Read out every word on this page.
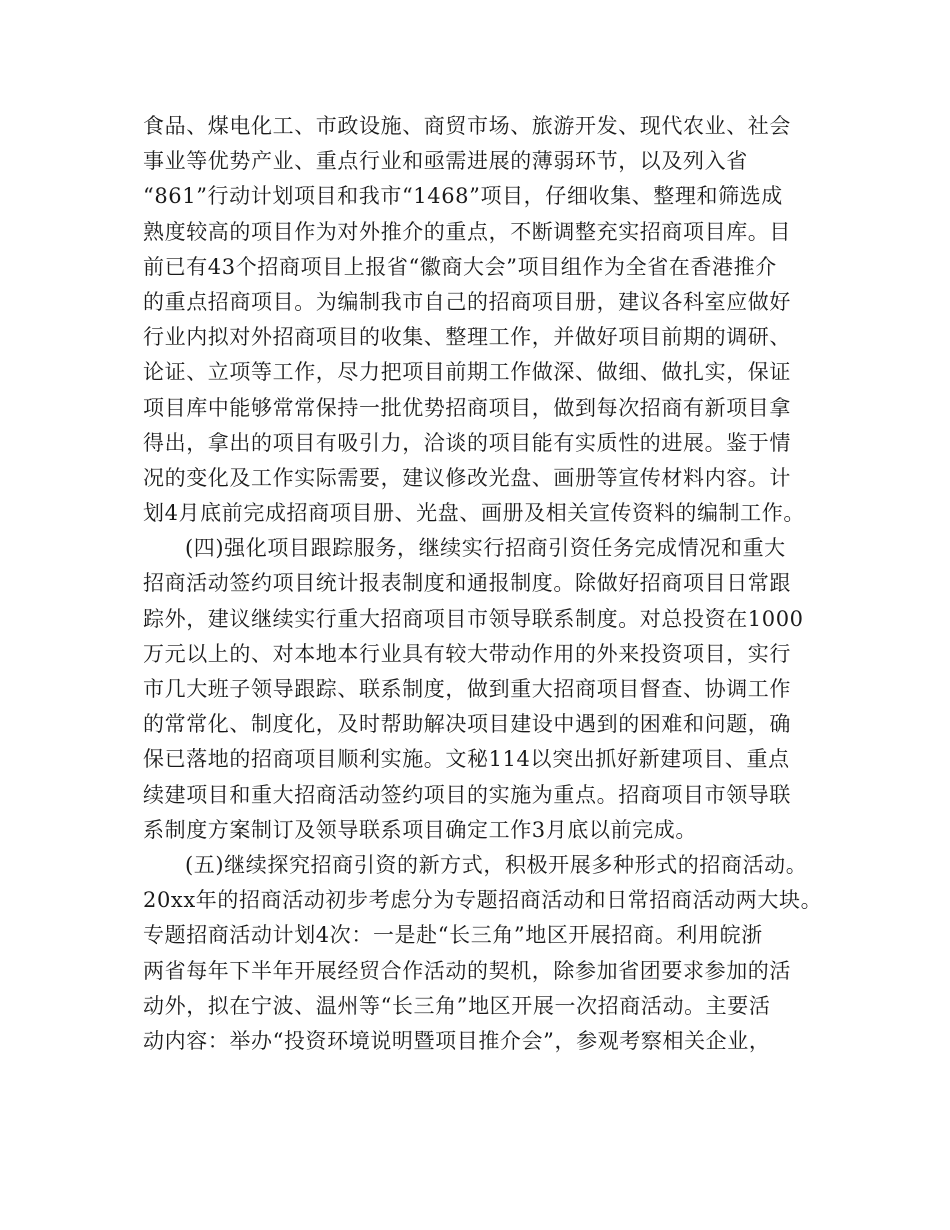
食品、煤电化工、市政设施、商贸市场、旅游开发、现代农业、社会
事业等优势产业、重点行业和亟需进展的薄弱环节，以及列入省
“861”行动计划项目和我市“1468”项目，仔细收集、整理和筛选成
熟度较高的项目作为对外推介的重点，不断调整充实招商项目库。目
前已有43个招商项目上报省“徽商大会”项目组作为全省在香港推介
的重点招商项目。为编制我市自己的招商项目册，建议各科室应做好
行业内拟对外招商项目的收集、整理工作，并做好项目前期的调研、
论证、立项等工作，尽力把项目前期工作做深、做细、做扎实，保证
项目库中能够常常保持一批优势招商项目，做到每次招商有新项目拿
得出，拿出的项目有吸引力，洽谈的项目能有实质性的进展。鉴于情
况的变化及工作实际需要，建议修改光盘、画册等宣传材料内容。计
划4月底前完成招商项目册、光盘、画册及相关宣传资料的编制工作。
(四)强化项目跟踪服务，继续实行招商引资任务完成情况和重大
招商活动签约项目统计报表制度和通报制度。除做好招商项目日常跟
踪外，建议继续实行重大招商项目市领导联系制度。对总投资在1000
万元以上的、对本地本行业具有较大带动作用的外来投资项目，实行
市几大班子领导跟踪、联系制度，做到重大招商项目督查、协调工作
的常常化、制度化，及时帮助解决项目建设中遇到的困难和问题，确
保已落地的招商项目顺利实施。文秘114以突出抓好新建项目、重点
续建项目和重大招商活动签约项目的实施为重点。招商项目市领导联
系制度方案制订及领导联系项目确定工作3月底以前完成。
(五)继续探究招商引资的新方式，积极开展多种形式的招商活动。
20xx年的招商活动初步考虑分为专题招商活动和日常招商活动两大块。
专题招商活动计划4次：一是赴“长三角”地区开展招商。利用皖浙
两省每年下半年开展经贸合作活动的契机，除参加省团要求参加的活
动外，拟在宁波、温州等“长三角”地区开展一次招商活动。主要活
动内容：举办“投资环境说明暨项目推介会”，参观考察相关企业，
